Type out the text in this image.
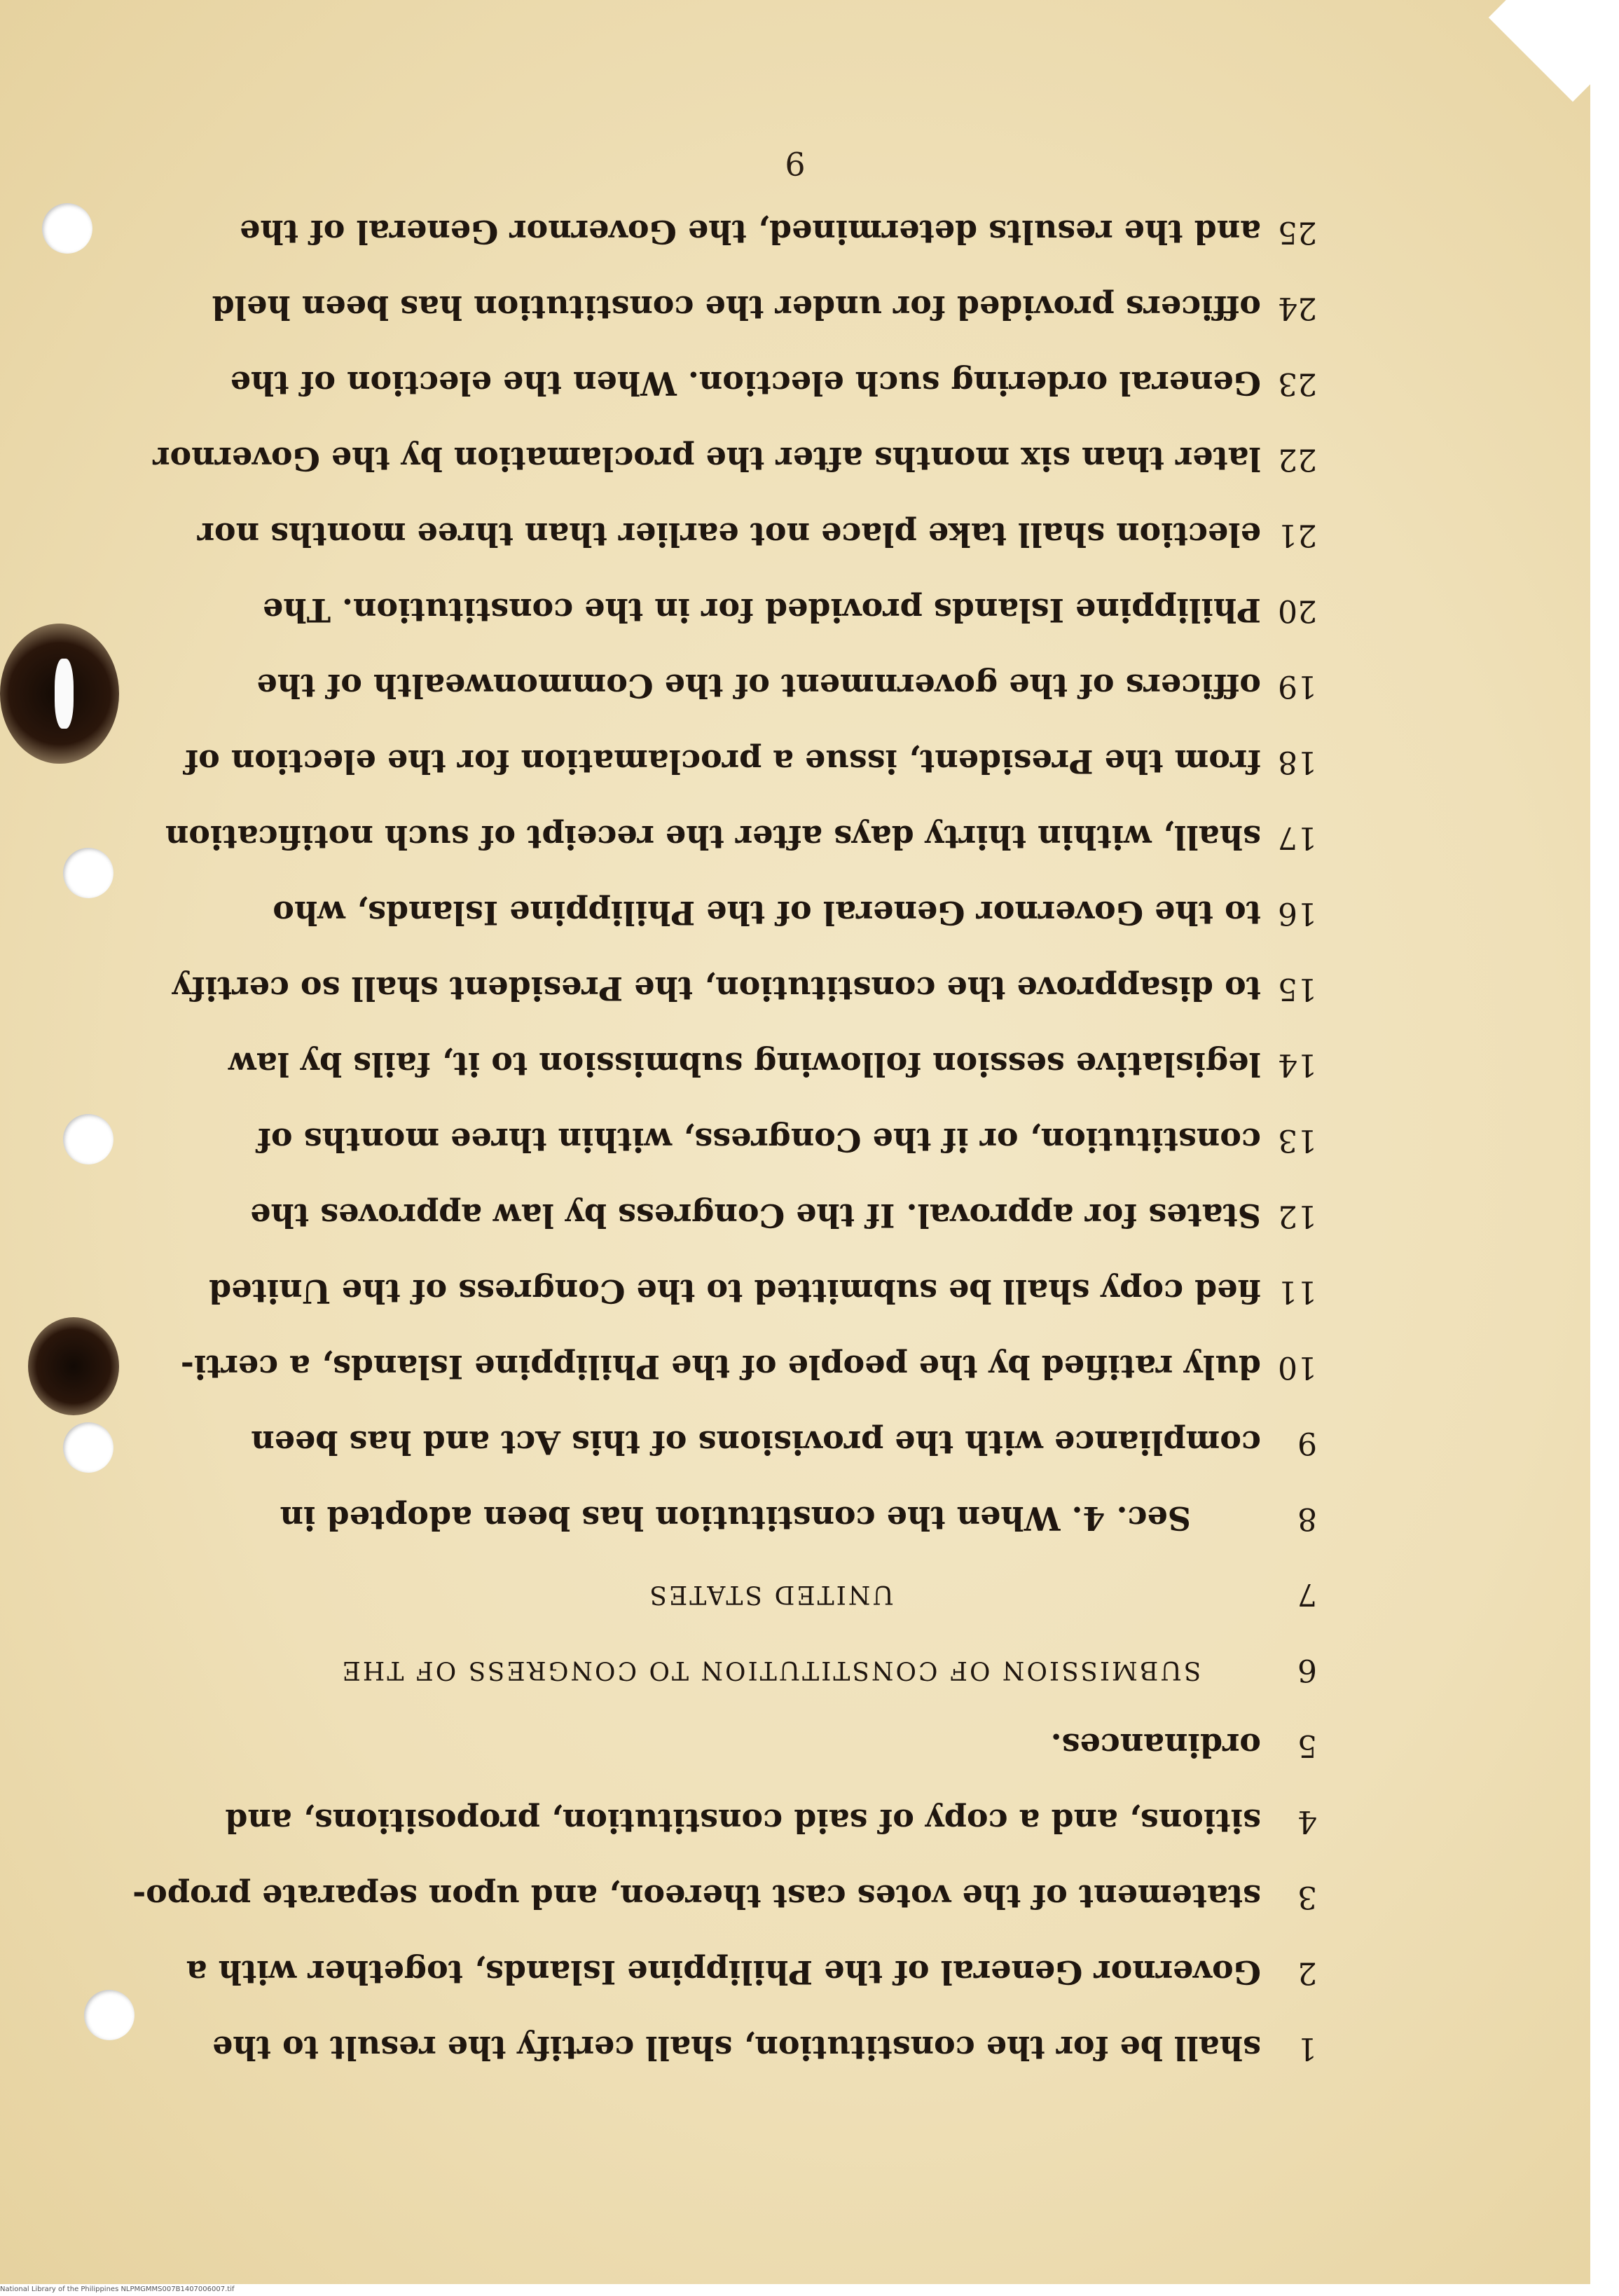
9
1
shall be for the constitution, shall certify the result to the
2
Governor General of the Philippine Islands, together with a
3
statement of the votes cast thereon, and upon separate propo-
4
sitions, and a copy of said constitution, propositions, and
5
ordinances.
6
SUBMISSION OF CONSTITUTION TO CONGRESS OF THE
7
UNITED STATES
8
Sec. 4. When the constitution has been adopted in
9
compliance with the provisions of this Act and has been
10
duly ratified by the people of the Philippine Islands, a certi-
11
fied copy shall be submitted to the Congress of the United
12
States for approval. If the Congress by law approves the
13
constitution, or if the Congress, within three months of
14
legislative session following submission to it, fails by law
15
to disapprove the constitution, the President shall so certify
16
to the Governor General of the Philippine Islands, who
17
shall, within thirty days after the receipt of such notification
18
from the President, issue a proclamation for the election of
19
officers of the government of the Commonwealth of the
20
Philippine Islands provided for in the constitution. The
21
election shall take place not earlier than three months nor
22
later than six months after the proclamation by the Governor
23
General ordering such election. When the election of the
24
officers provided for under the constitution has been held
25
and the results determined, the Governor General of the
National Library of the Philippines NLPMGMMS007B1407006007.tif
